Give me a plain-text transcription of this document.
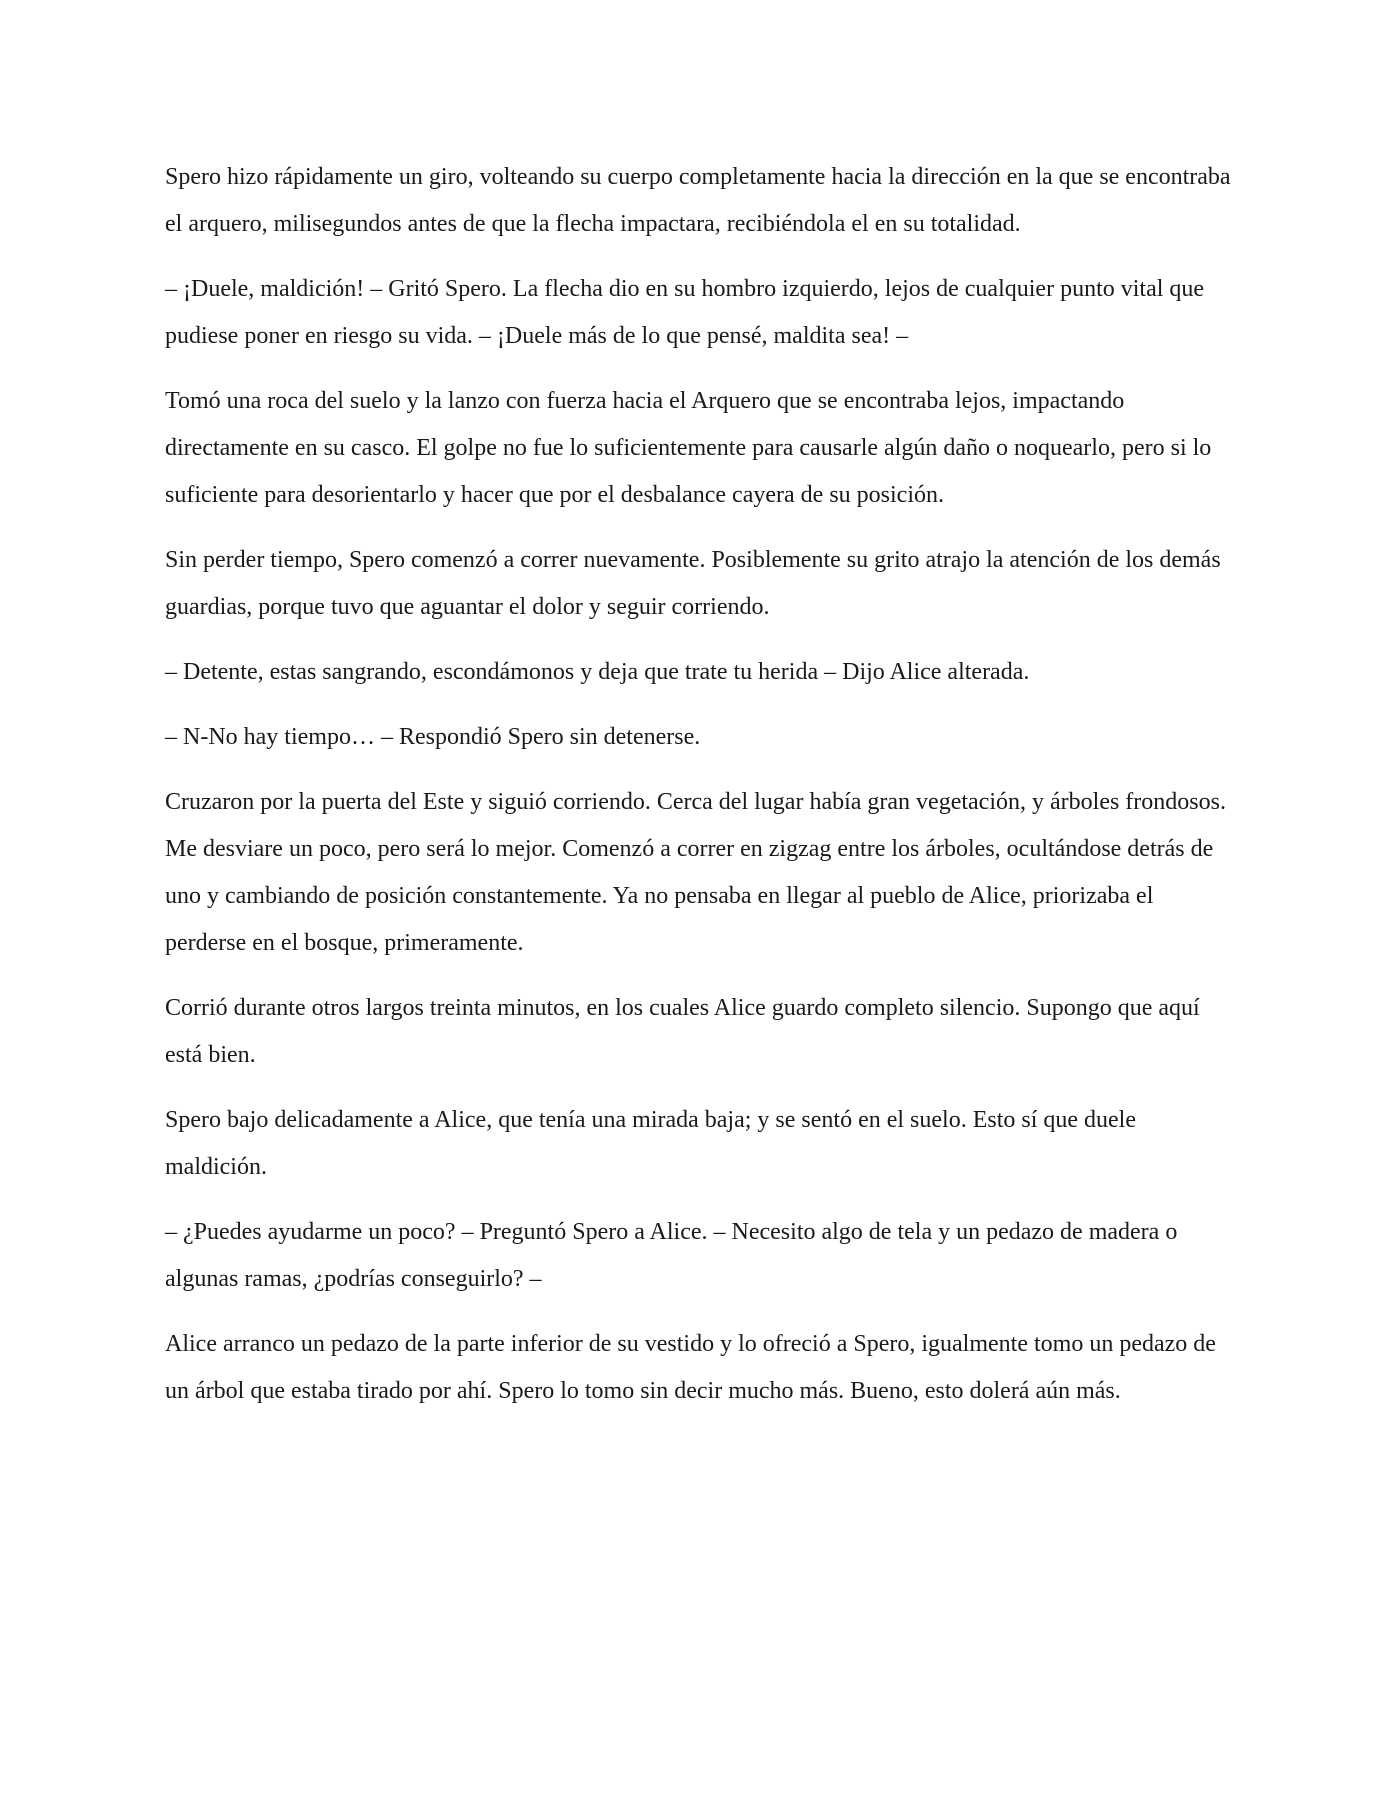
Spero hizo rápidamente un giro, volteando su cuerpo completamente hacia la dirección en la que se encontraba el arquero, milisegundos antes de que la flecha impactara, recibiéndola el en su totalidad.

– ¡Duele, maldición! – Gritó Spero. La flecha dio en su hombro izquierdo, lejos de cualquier punto vital que pudiese poner en riesgo su vida. – ¡Duele más de lo que pensé, maldita sea! –

Tomó una roca del suelo y la lanzo con fuerza hacia el Arquero que se encontraba lejos, impactando directamente en su casco. El golpe no fue lo suficientemente para causarle algún daño o noquearlo, pero si lo suficiente para desorientarlo y hacer que por el desbalance cayera de su posición.

Sin perder tiempo, Spero comenzó a correr nuevamente. Posiblemente su grito atrajo la atención de los demás guardias, porque tuvo que aguantar el dolor y seguir corriendo.

– Detente, estas sangrando, escondámonos y deja que trate tu herida – Dijo Alice alterada.

– N-No hay tiempo… – Respondió Spero sin detenerse.

Cruzaron por la puerta del Este y siguió corriendo. Cerca del lugar había gran vegetación, y árboles frondosos. Me desviare un poco, pero será lo mejor. Comenzó a correr en zigzag entre los árboles, ocultándose detrás de uno y cambiando de posición constantemente. Ya no pensaba en llegar al pueblo de Alice, priorizaba el perderse en el bosque, primeramente.

Corrió durante otros largos treinta minutos, en los cuales Alice guardo completo silencio. Supongo que aquí está bien.

Spero bajo delicadamente a Alice, que tenía una mirada baja; y se sentó en el suelo. Esto sí que duele maldición.

– ¿Puedes ayudarme un poco? – Preguntó Spero a Alice. – Necesito algo de tela y un pedazo de madera o algunas ramas, ¿podrías conseguirlo? –

Alice arranco un pedazo de la parte inferior de su vestido y lo ofreció a Spero, igualmente tomo un pedazo de un árbol que estaba tirado por ahí. Spero lo tomo sin decir mucho más. Bueno, esto dolerá aún más.
